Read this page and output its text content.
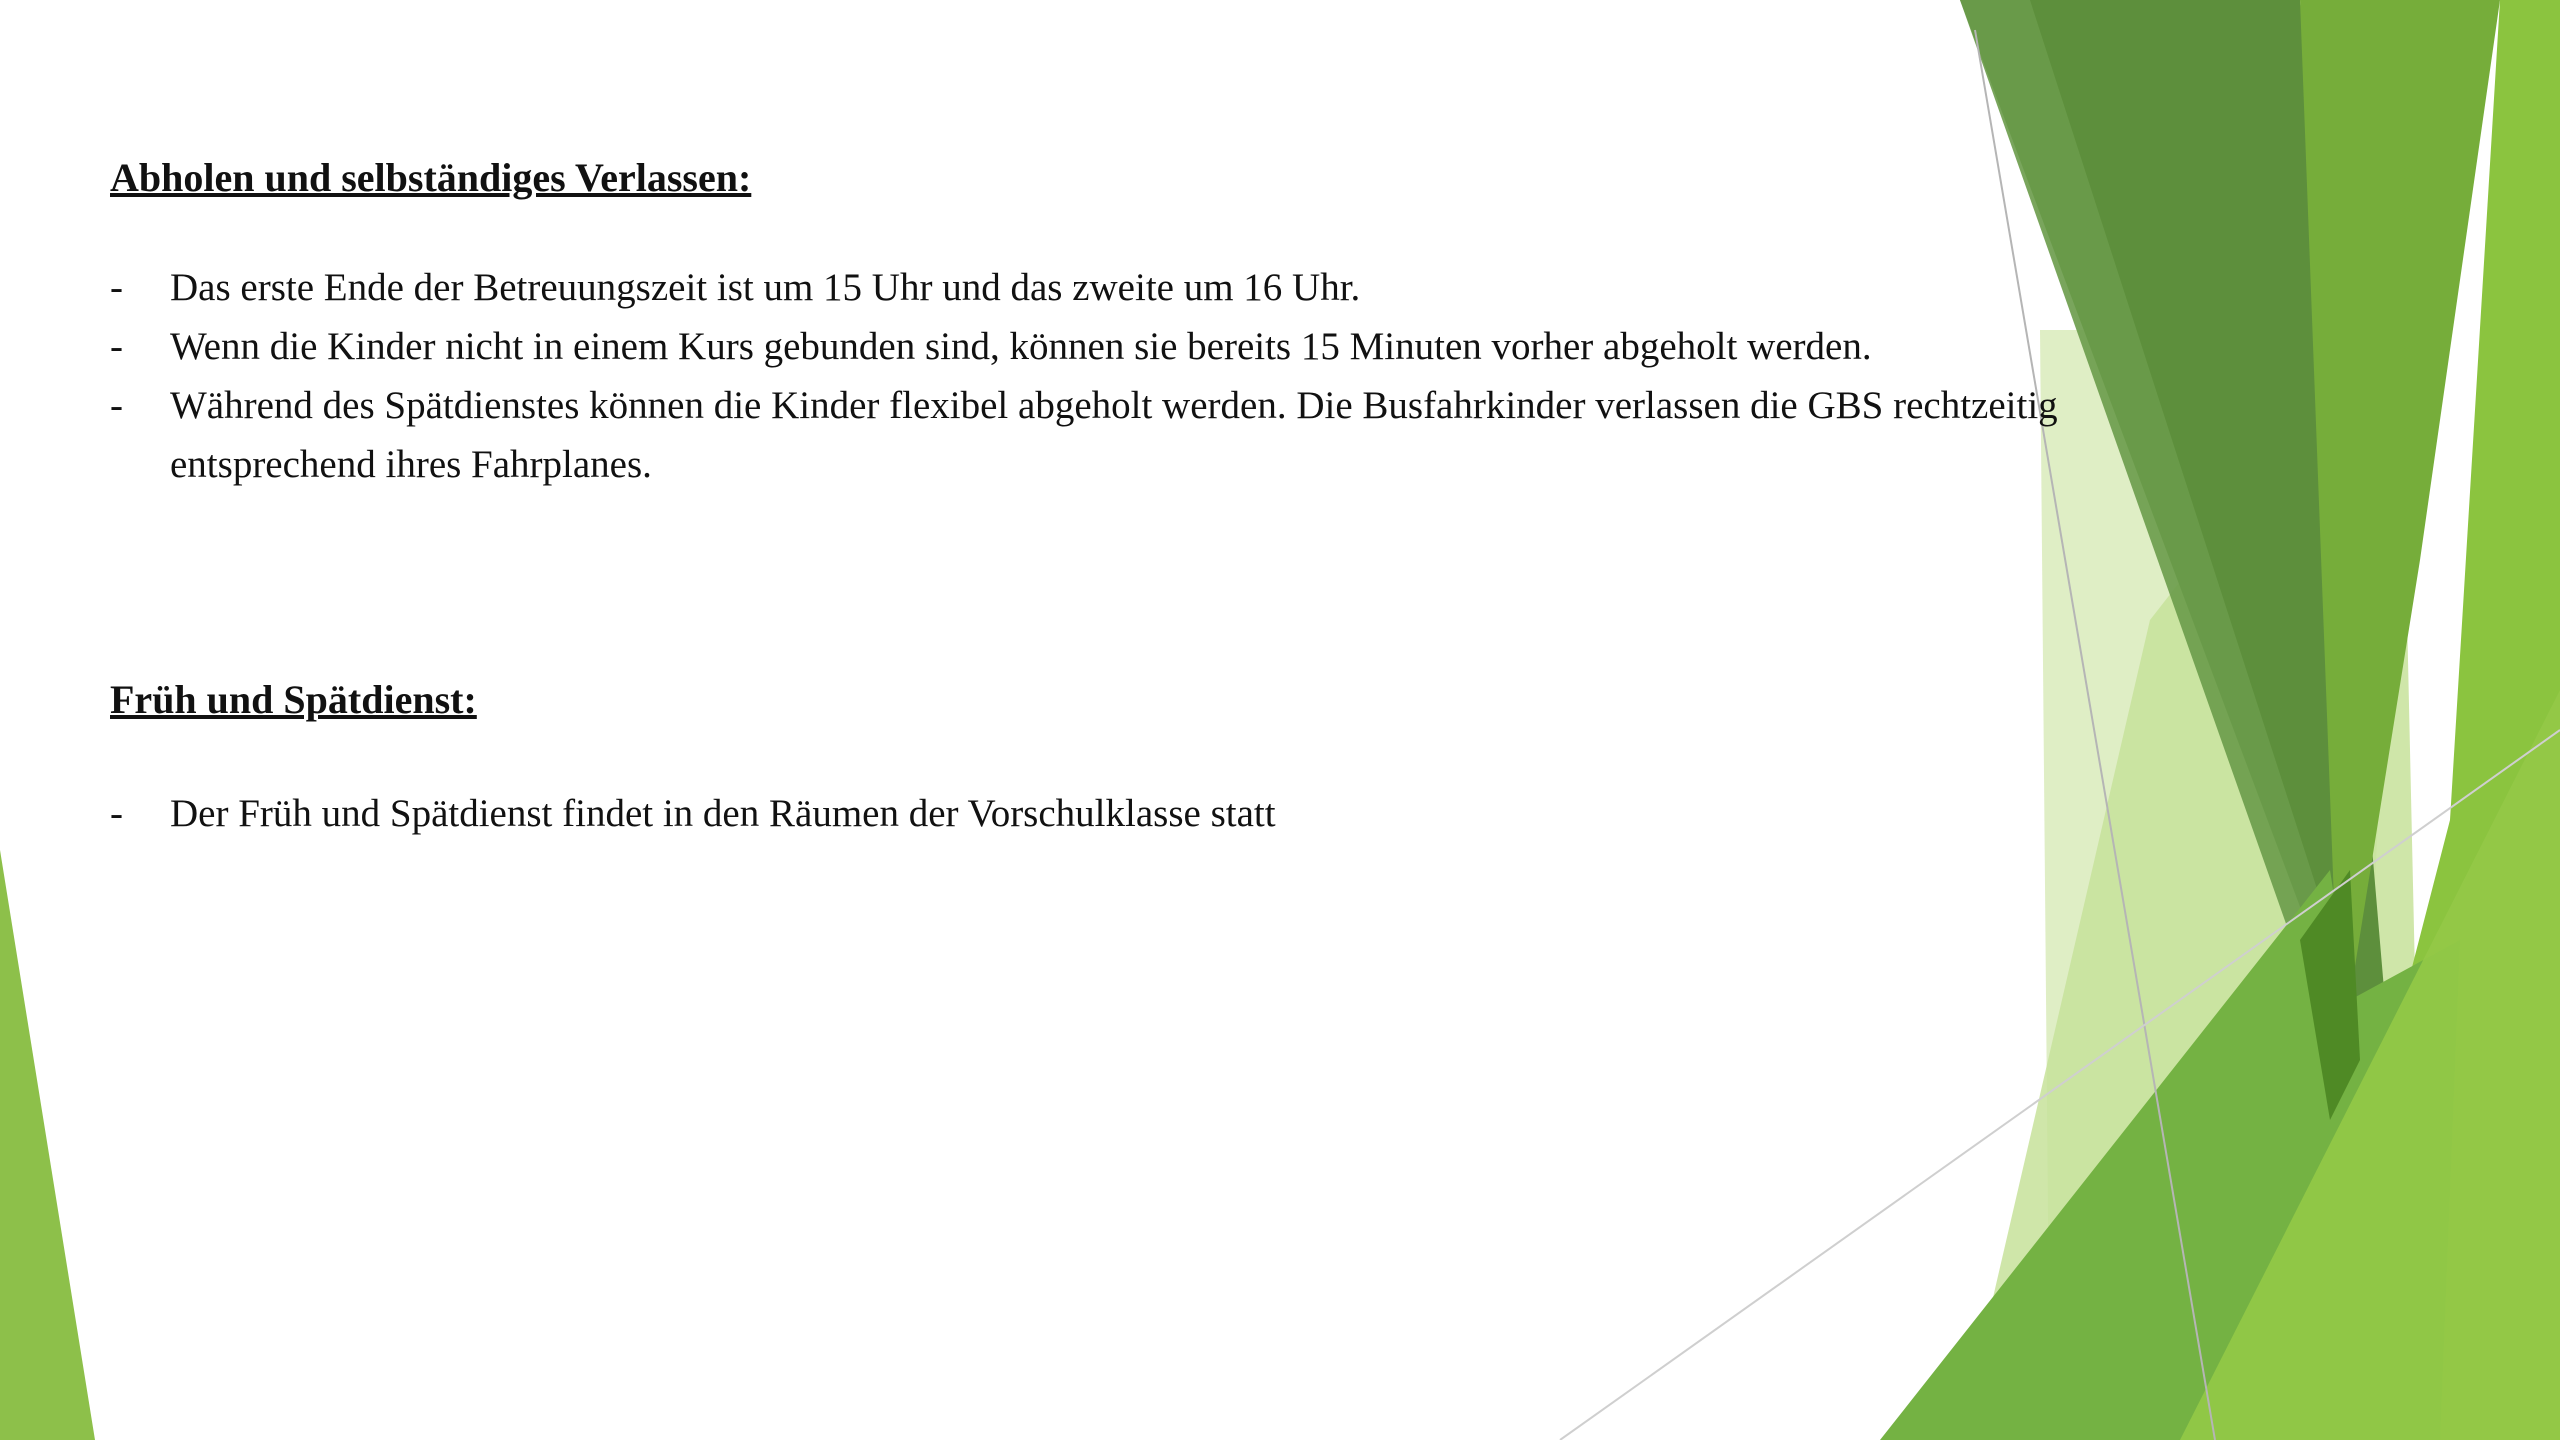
Abholen und selbständiges Verlassen:
- Das erste Ende der Betreuungszeit ist um 15 Uhr und das zweite um 16 Uhr.
- Wenn die Kinder nicht in einem Kurs gebunden sind, können sie bereits 15 Minuten vorher abgeholt werden.
- Während des Spätdienstes können die Kinder flexibel abgeholt werden. Die Busfahrkinder verlassen die GBS rechtzeitig entsprechend ihres Fahrplanes.
Früh und Spätdienst:
- Der Früh und Spätdienst findet in den Räumen der Vorschulklasse statt
